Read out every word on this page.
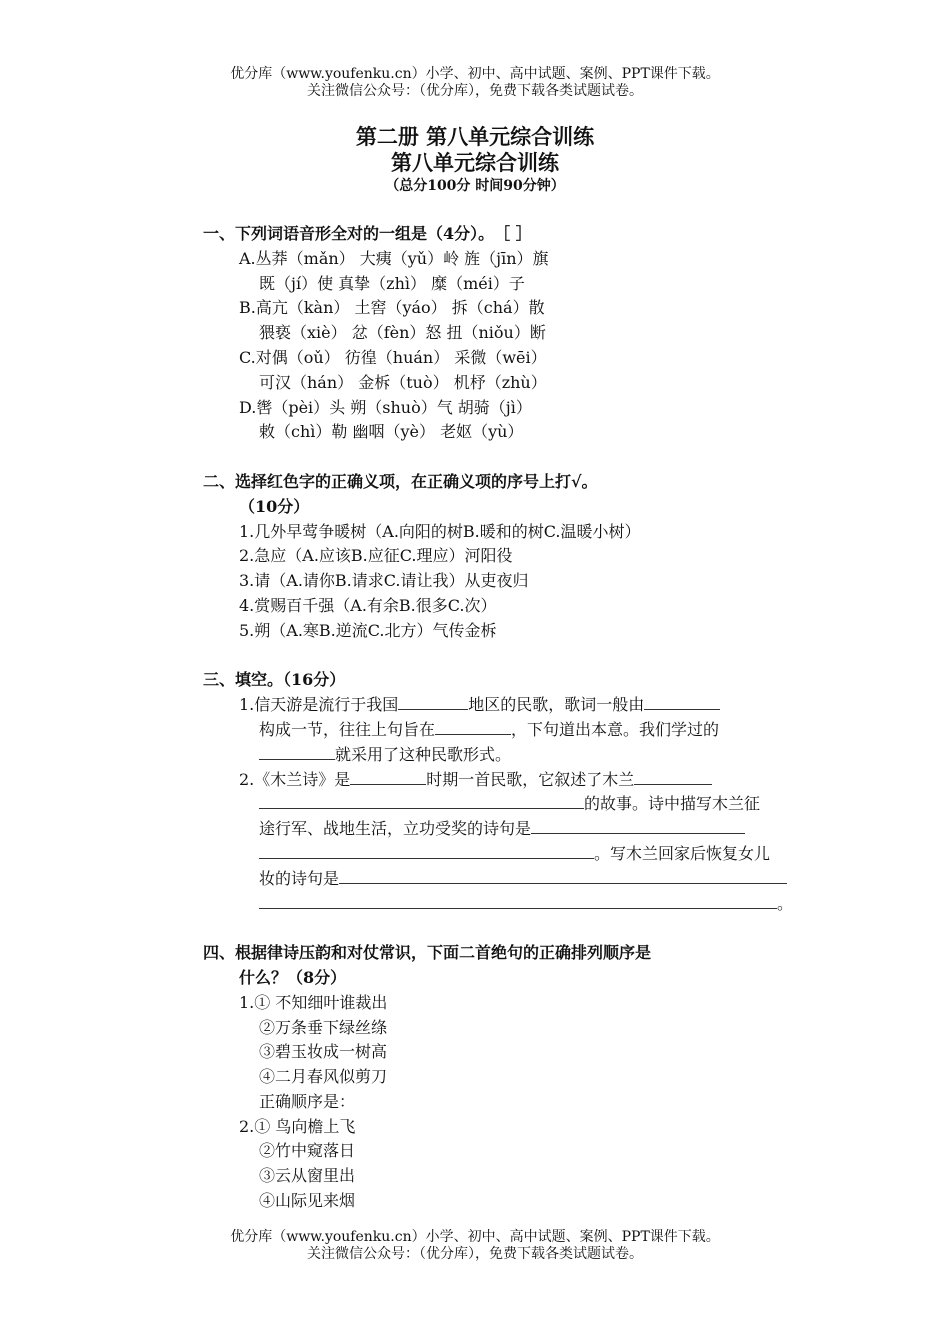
优分库（www.youfenku.cn）小学、初中、高中试题、案例、PPT课件下载。
关注微信公众号：（优分库），免费下载各类试题试卷。
第二册 第八单元综合训练
第八单元综合训练
（总分100分 时间90分钟）
一、下列词语音形全对的一组是（4分）。　［ ］
A.丛莽（mǎn） 大痍（yǔ）岭 旌（jīn）旗
既（jí）使 真挚（zhì） 糜（méi）子
B.高亢（kàn） 土窖（yáo） 拆（chá）散
猥亵（xiè） 忿（fèn）怒 扭（niǒu）断
C.对偶（oǔ） 彷徨（huán） 采微（wēi）
可汉（hán） 金柝（tuò） 机杼（zhù）
D.辔（pèi）头 朔（shuò）气 胡骑（jì）
敕（chì）勒 幽咽（yè） 老妪（yù）
二、选择红色字的正确义项，在正确义项的序号上打√。
（10分）
1.几外早莺争暖树（A.向阳的树B.暖和的树C.温暖小树）
2.急应（A.应该B.应征C.理应）河阳役
3.请（A.请你B.请求C.请让我）从吏夜归
4.赏赐百千强（A.有余B.很多C.次）
5.朔（A.寒B.逆流C.北方）气传金柝
三、填空。（16分）
1.信天游是流行于我国	地区的民歌，歌词一般由
构成一节，往往上句旨在	，下句道出本意。我们学过的
就采用了这种民歌形式。
2.《木兰诗》是	时期一首民歌，它叙述了木兰
的故事。诗中描写木兰征
途行军、战地生活，立功受奖的诗句是
。写木兰回家后恢复女儿
妆的诗句是
。
四、根据律诗压韵和对仗常识，下面二首绝句的正确排列顺序是
什么？（8分）
1.① 不知细叶谁裁出
②万条垂下绿丝绦
③碧玉妆成一树高
④二月春风似剪刀
正确顺序是：
2.① 鸟向檐上飞
②竹中窥落日
③云从窗里出
④山际见来烟
优分库（www.youfenku.cn）小学、初中、高中试题、案例、PPT课件下载。
关注微信公众号：（优分库），免费下载各类试题试卷。
